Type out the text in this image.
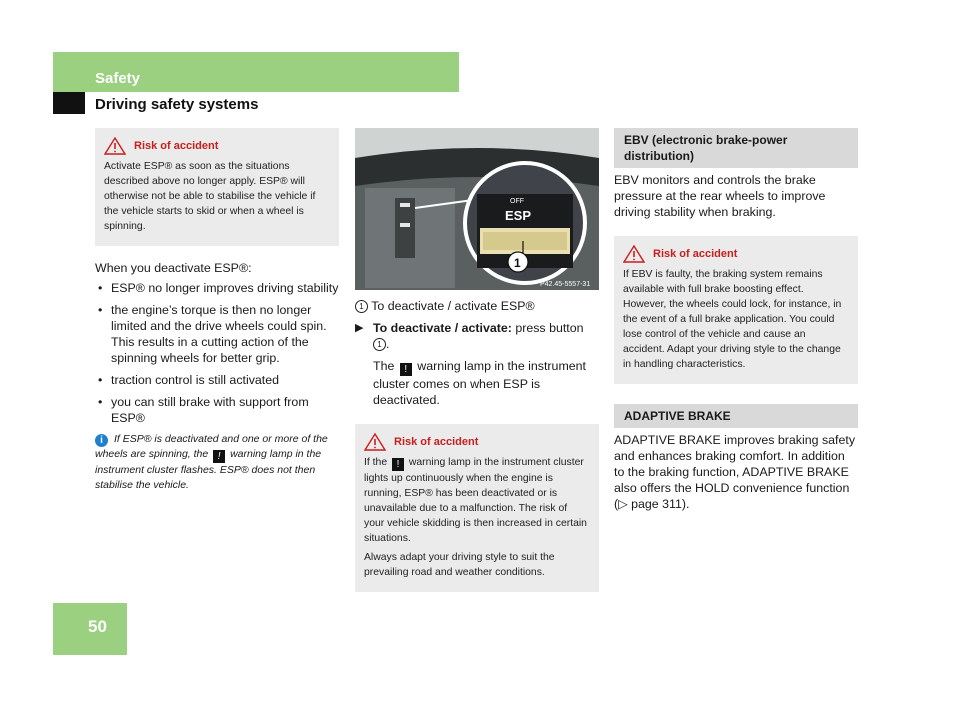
Safety
Driving safety systems
Risk of accident

Activate ESP® as soon as the situations described above no longer apply. ESP® will otherwise not be able to stabilise the vehicle if the vehicle starts to skid or when a wheel is spinning.

When you deactivate ESP®:

• ESP® no longer improves driving stability
• the engine’s torque is then no longer limited and the drive wheels could spin. This results in a cutting action of the spinning wheels for better grip.
• traction control is still activated
• you can still brake with support from ESP®
i If ESP® is deactivated and one or more of the wheels are spinning, the ! warning lamp in the instrument cluster flashes. ESP® does not then stabilise the vehicle.
OFF
ESP
1
P42.45-5557-31

1 To deactivate / activate ESP®

▶ To deactivate / activate: press button 1 .

The ! warning lamp in the instrument cluster comes on when ESP is deactivated.

Risk of accident

If the ! warning lamp in the instrument cluster lights up continuously when the engine is running, ESP® has been deactivated or is unavailable due to a malfunction. The risk of your vehicle skidding is then increased in certain situations.

Always adapt your driving style to suit the prevailing road and weather conditions.

EBV (electronic brake-power distribution)

EBV monitors and controls the brake pressure at the rear wheels to improve driving stability when braking.

Risk of accident

If EBV is faulty, the braking system remains available with full brake boosting effect. However, the wheels could lock, for instance, in the event of a full brake application. You could lose control of the vehicle and cause an accident. Adapt your driving style to the change in handling characteristics.

ADAPTIVE BRAKE

ADAPTIVE BRAKE improves braking safety and enhances braking comfort. In addition to the braking function, ADAPTIVE BRAKE also offers the HOLD convenience function (▷ page 311).

50
